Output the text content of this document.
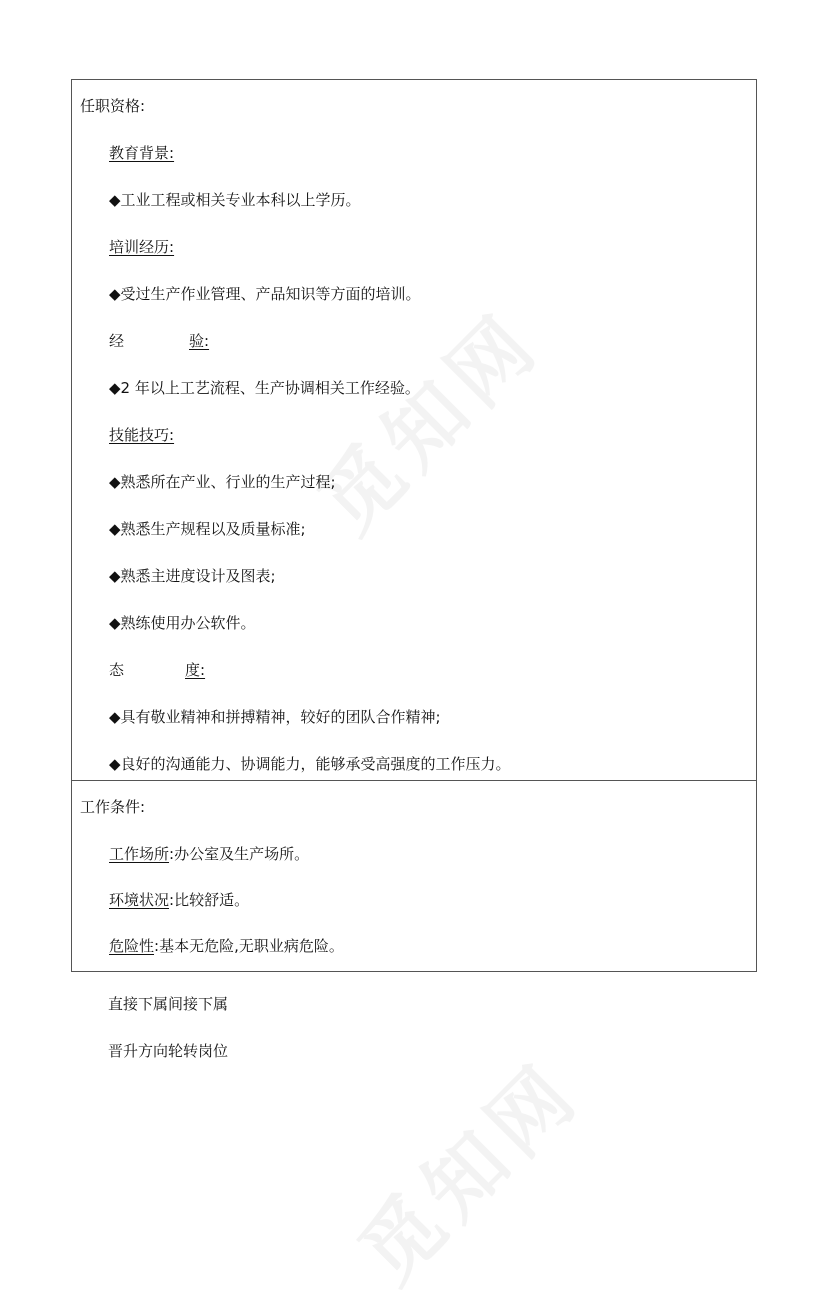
任职资格:
教育背景:
◆工业工程或相关专业本科以上学历。
培训经历:
◆受过生产作业管理、产品知识等方面的培训。
经	验:
◆2 年以上工艺流程、生产协调相关工作经验。
技能技巧:
◆熟悉所在产业、行业的生产过程;
◆熟悉生产规程以及质量标准;
◆熟悉主进度设计及图表;
◆熟练使用办公软件。
态	度:
◆具有敬业精神和拼搏精神，较好的团队合作精神;
◆良好的沟通能力、协调能力，能够承受高强度的工作压力。
工作条件:
工作场所:办公室及生产场所。
环境状况:比较舒适。
危险性:基本无危险,无职业病危险。
直接下属间接下属
晋升方向轮转岗位
